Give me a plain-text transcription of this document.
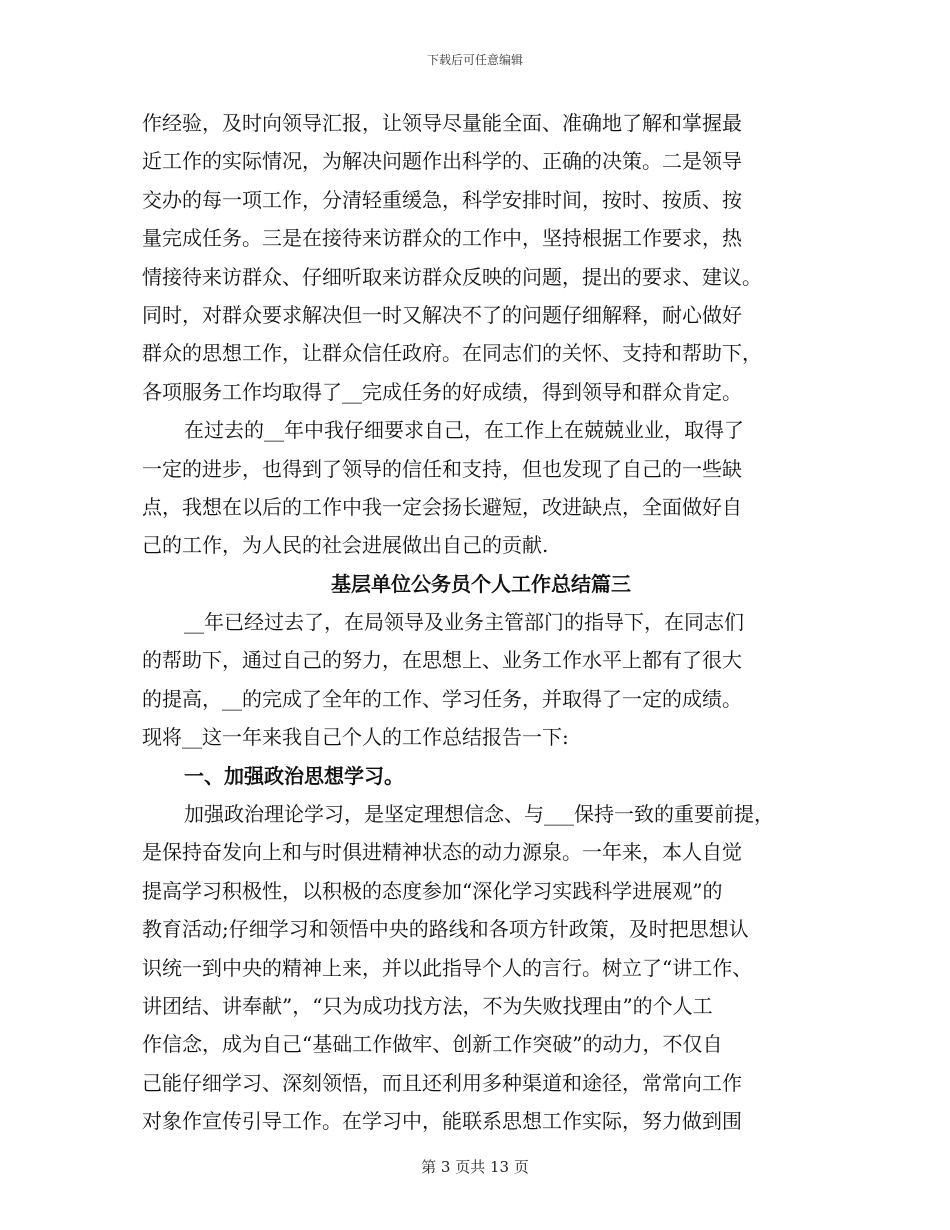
下载后可任意编辑
作经验，及时向领导汇报，让领导尽量能全面、准确地了解和掌握最
近工作的实际情况，为解决问题作出科学的、正确的决策。二是领导
交办的每一项工作，分清轻重缓急，科学安排时间，按时、按质、按
量完成任务。三是在接待来访群众的工作中，坚持根据工作要求，热
情接待来访群众、仔细听取来访群众反映的问题，提出的要求、建议。
同时，对群众要求解决但一时又解决不了的问题仔细解释，耐心做好
群众的思想工作，让群众信任政府。在同志们的关怀、支持和帮助下，
各项服务工作均取得了__完成任务的好成绩，得到领导和群众肯定。
在过去的__年中我仔细要求自己，在工作上在兢兢业业，取得了
一定的进步，也得到了领导的信任和支持，但也发现了自己的一些缺
点，我想在以后的工作中我一定会扬长避短，改进缺点，全面做好自
己的工作，为人民的社会进展做出自己的贡献.
基层单位公务员个人工作总结篇三
__年已经过去了，在局领导及业务主管部门的指导下，在同志们
的帮助下，通过自己的努力，在思想上、业务工作水平上都有了很大
的提高，__的完成了全年的工作、学习任务，并取得了一定的成绩。
现将__这一年来我自己个人的工作总结报告一下:
一、加强政治思想学习。
加强政治理论学习，是坚定理想信念、与___保持一致的重要前提，
是保持奋发向上和与时俱进精神状态的动力源泉。一年来，本人自觉
提高学习积极性，以积极的态度参加“深化学习实践科学进展观”的
教育活动;仔细学习和领悟中央的路线和各项方针政策，及时把思想认
识统一到中央的精神上来，并以此指导个人的言行。树立了“讲工作、
讲团结、讲奉献”，“只为成功找方法，不为失败找理由”的个人工
作信念，成为自己“基础工作做牢、创新工作突破”的动力，不仅自
己能仔细学习、深刻领悟，而且还利用多种渠道和途径，常常向工作
对象作宣传引导工作。在学习中，能联系思想工作实际，努力做到围
第 3 页共 13 页
